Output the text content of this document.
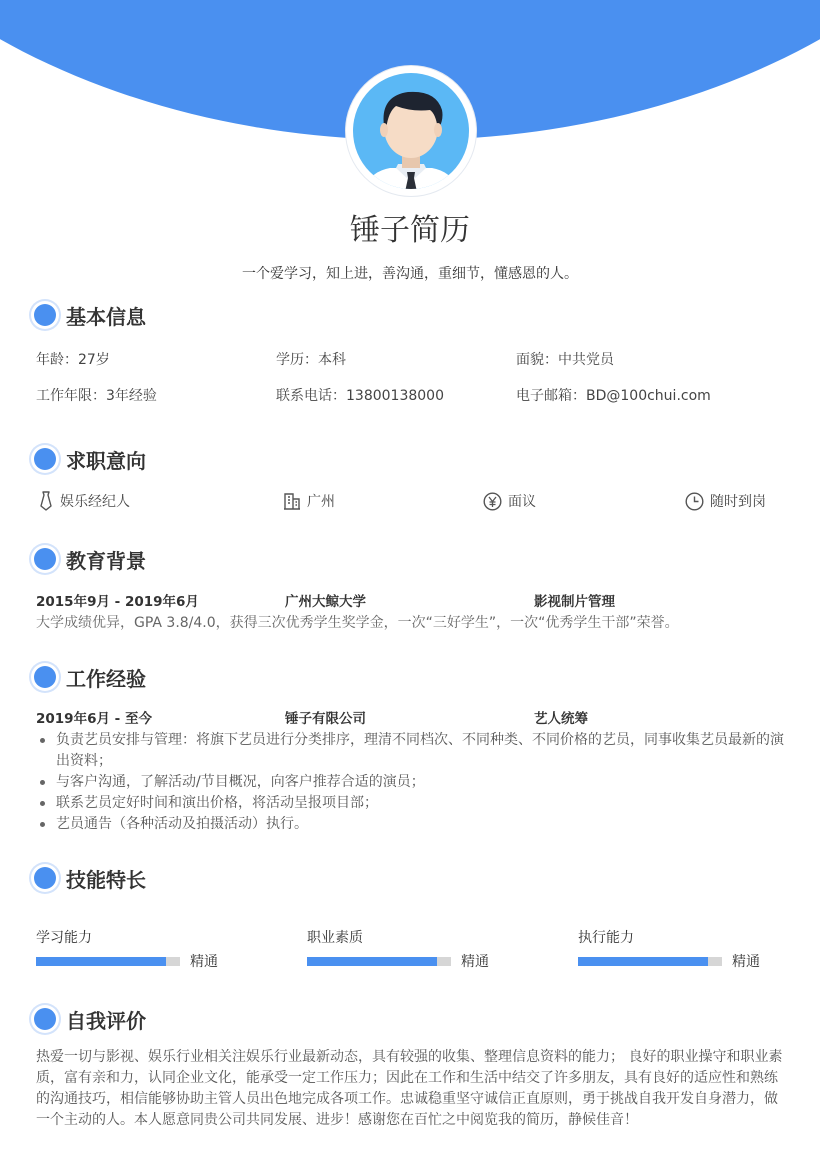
锤子简历
一个爱学习，知上进，善沟通，重细节，懂感恩的人。
基本信息
年龄：27岁	学历：本科	面貌：中共党员
工作年限：3年经验	联系电话：13800138000	电子邮箱：BD@100chui.com
求职意向
娱乐经纪人	广州	面议	随时到岗
教育背景
2015年9月 - 2019年6月	广州大鲸大学	影视制片管理
大学成绩优异，GPA 3.8/4.0，获得三次优秀学生奖学金，一次“三好学生”，一次“优秀学生干部”荣誉。
工作经验
2019年6月 - 至今	锤子有限公司	艺人统筹
负责艺员安排与管理：将旗下艺员进行分类排序，理清不同档次、不同种类、不同价格的艺员，同事收集艺员最新的演出资料；
与客户沟通，了解活动/节目概况，向客户推荐合适的演员；
联系艺员定好时间和演出价格，将活动呈报项目部；
艺员通告（各种活动及拍摄活动）执行。
技能特长
学习能力
精通
职业素质
精通
执行能力
精通
自我评价
热爱一切与影视、娱乐行业相关注娱乐行业最新动态，具有较强的收集、整理信息资料的能力； 良好的职业操守和职业素质，富有亲和力，认同企业文化，能承受一定工作压力；因此在工作和生活中结交了许多朋友，具有良好的适应性和熟练的沟通技巧，相信能够协助主管人员出色地完成各项工作。忠诚稳重坚守诚信正直原则，勇于挑战自我开发自身潜力，做一个主动的人。本人愿意同贵公司共同发展、进步！感谢您在百忙之中阅览我的简历，静候佳音！
